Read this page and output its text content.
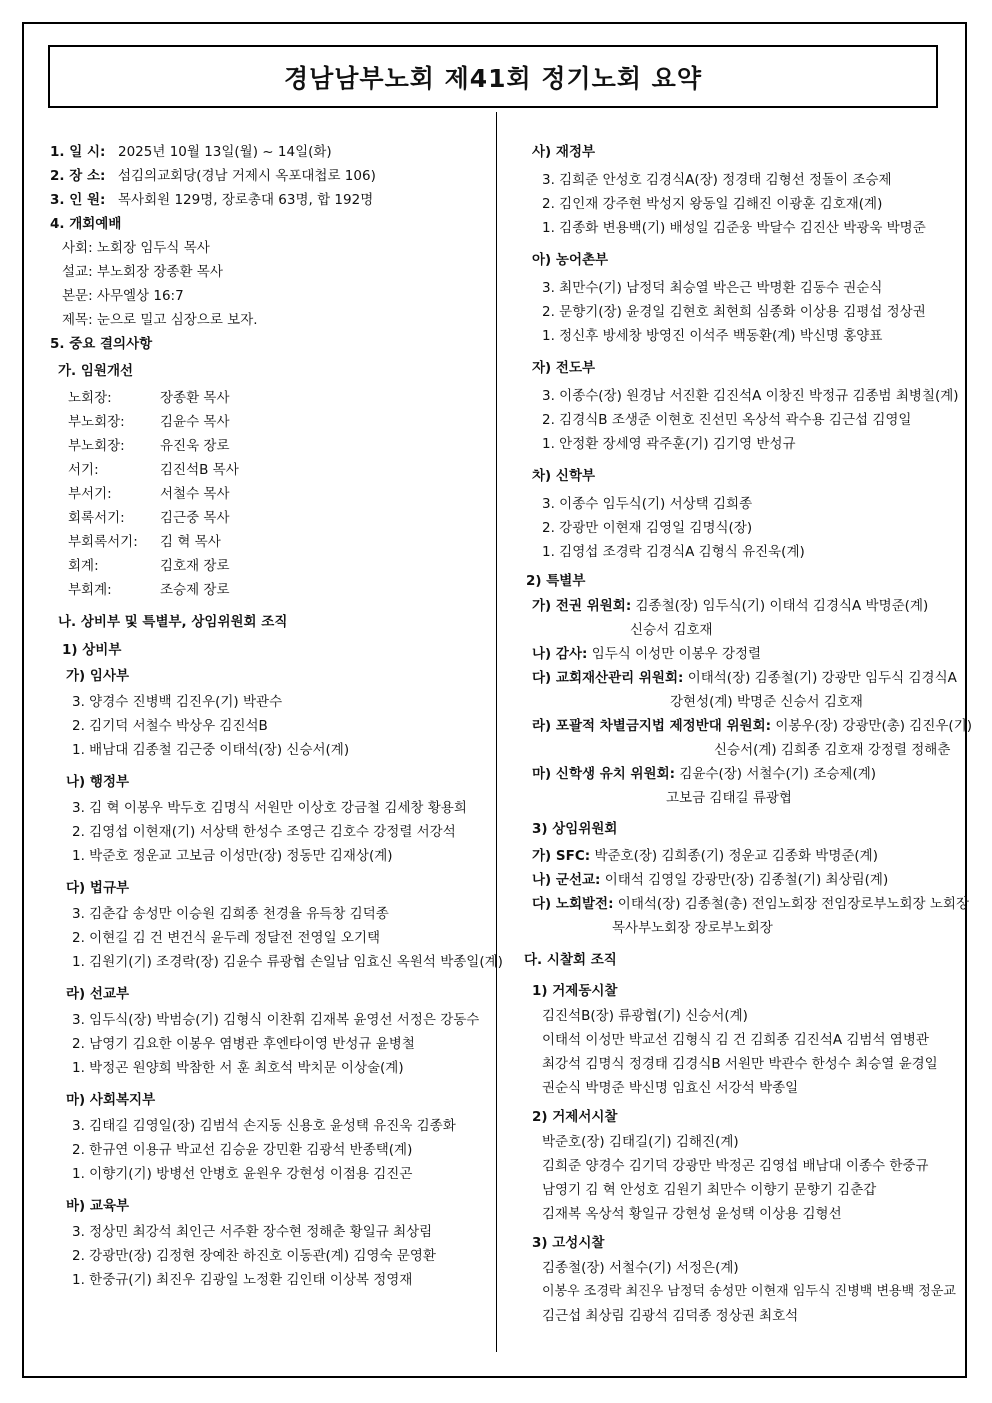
경남남부노회 제41회 정기노회 요약
1. 일 시: 2025년 10월 13일(월) ~ 14일(화)
2. 장 소: 섬김의교회당(경남 거제시 옥포대첩로 106)
3. 인 원: 목사회원 129명, 장로총대 63명, 합 192명
4. 개회예배
사회: 노회장 임두식 목사
설교: 부노회장 장종환 목사
본문: 사무엘상 16:7
제목: 눈으로 밀고 심장으로 보자.
5. 중요 결의사항
가. 임원개선
노회장:	장종환 목사
부노회장:	김윤수 목사
부노회장:	유진욱 장로
서기:	김진석B 목사
부서기:	서철수 목사
회록서기:	김근중 목사
부회록서기: 김 혁 목사
회계:	김호재 장로
부회계:	조승제 장로
나. 상비부 및 특별부, 상임위원회 조직
1) 상비부
가) 임사부
3. 양경수 진병백 김진우(기) 박관수
2. 김기덕 서철수 박상우 김진석B
1. 배남대 김종철 김근중 이태석(장) 신승서(계)
나) 행정부
3. 김 혁 이봉우 박두호 김명식 서원만 이상호 강금철 김세창 황용희
2. 김영섭 이현재(기) 서상택 한성수 조영근 김호수 강정렬 서강석
1. 박준호 정운교 고보금 이성만(장) 정동만 김재상(계)
다) 법규부
3. 김춘갑 송성만 이승원 김희종 천경율 유득창 김덕종
2. 이현길 김 건 변건식 윤두레 정달전 전영일 오기택
1. 김원기(기) 조경락(장) 김윤수 류광협 손일남 임효신 옥원석 박종일(계)
라) 선교부
3. 임두식(장) 박범승(기) 김형식 이찬휘 김재복 윤영선 서정은 강동수
2. 남영기 김요한 이봉우 염병관 후엔타이영 반성규 윤병철
1. 박정곤 원양희 박참한 서 훈 최호석 박치문 이상술(계)
마) 사회복지부
3. 김태길 김영일(장) 김범석 손지동 신용호 윤성택 유진욱 김종화
2. 한규연 이용규 박교선 김승윤 강민환 김광석 반종택(계)
1. 이향기(기) 방병선 안병호 윤원우 강현성 이점용 김진곤
바) 교육부
3. 정상민 최강석 최인근 서주환 장수현 정해춘 황일규 최상림
2. 강광만(장) 김정현 장예찬 하진호 이동관(계) 김영숙 문영환
1. 한중규(기) 최진우 김광일 노정환 김인태 이상복 정영재
사) 재정부
3. 김희준 안성호 김경식A(장) 정경태 김형선 정돌이 조승제
2. 김인재 강주현 박성지 왕동일 김해진 이광훈 김호재(계)
1. 김종화 변용백(기) 배성일 김준웅 박달수 김진산 박광욱 박명준
아) 농어촌부
3. 최만수(기) 남정덕 최승열 박은근 박명환 김동수 권순식
2. 문향기(장) 윤경일 김현호 최현희 심종화 이상용 김평섭 정상권
1. 정신후 방세창 방영진 이석주 백동환(계) 박신명 홍양표
자) 전도부
3. 이종수(장) 원경남 서진환 김진석A 이창진 박정규 김종범 최병칠(계)
2. 김경식B 조생준 이현호 진선민 옥상석 곽수용 김근섭 김영일
1. 안정환 장세영 곽주훈(기) 김기영 반성규
차) 신학부
3. 이종수 임두식(기) 서상택 김희종
2. 강광만 이현재 김영일 김명식(장)
1. 김영섭 조경락 김경식A 김형식 유진욱(계)
2) 특별부
가) 전권 위원회: 김종철(장) 임두식(기) 이태석 김경식A 박명준(계)
신승서 김호재
나) 감사: 임두식 이성만 이봉우 강정렬
다) 교회재산관리 위원회: 이태석(장) 김종철(기) 강광만 임두식 김경식A
강현성(계) 박명준 신승서 김호재
라) 포괄적 차별금지법 제정반대 위원회: 이봉우(장) 강광만(총) 김진우(기)
신승서(계) 김희종 김호재 강정렬 정해춘
마) 신학생 유치 위원회: 김윤수(장) 서철수(기) 조승제(계)
고보금 김태길 류광협
3) 상임위원회
가) SFC: 박준호(장) 김희종(기) 정운교 김종화 박명준(계)
나) 군선교: 이태석 김영일 강광만(장) 김종철(기) 최상림(계)
다) 노회발전: 이태석(장) 김종철(총) 전임노회장 전임장로부노회장 노회장
목사부노회장 장로부노회장
다. 시찰회 조직
1) 거제동시찰
김진석B(장) 류광협(기) 신승서(계)
이태석 이성만 박교선 김형식 김 건 김희종 김진석A 김범석 염병관
최강석 김명식 정경태 김경식B 서원만 박관수 한성수 최승열 윤경일
권순식 박명준 박신명 임효신 서강석 박종일
2) 거제서시찰
박준호(장) 김태길(기) 김해진(계)
김희준 양경수 김기덕 강광만 박정곤 김영섭 배남대 이종수 한중규
남영기 김 혁 안성호 김원기 최만수 이향기 문향기 김춘갑
김재복 옥상석 황일규 강현성 윤성택 이상용 김형선
3) 고성시찰
김종철(장) 서철수(기) 서정은(계)
이봉우 조경락 최진우 남정덕 송성만 이현재 임두식 진병백 변용백 정운교
김근섭 최상림 김광석 김덕종 정상권 최호석
